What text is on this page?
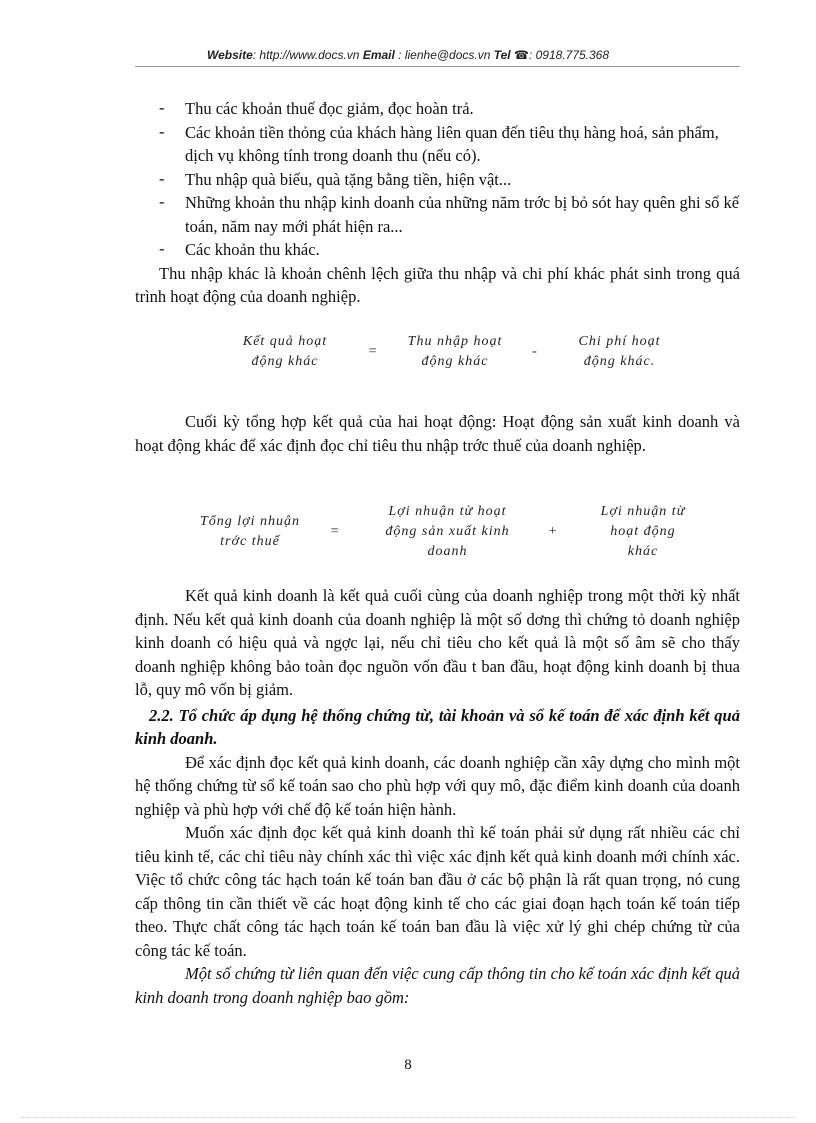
Website: http://www.docs.vn Email : lienhe@docs.vn Tel ☎: 0918.775.368
- Thu các khoản thuế đọc giảm, đọc hoàn trả.
- Các khoản tiền thỏng của khách hàng liên quan đến tiêu thụ hàng hoá, sản phẩm, dịch vụ không tính trong doanh thu (nếu có).
- Thu nhập quà biếu, quà tặng bằng tiền, hiện vật...
- Những khoản thu nhập kinh doanh của những năm trớc bị bỏ sót hay quên ghi sổ kế toán, năm nay mới phát hiện ra...
- Các khoản thu khác.
Thu nhập khác là khoản chênh lệch giữa thu nhập và chi phí khác phát sinh trong quá trình hoạt động của doanh nghiệp.
Kết quả hoạt
động khác
=
Thu nhập hoạt
động khác
-
Chi phí hoạt
động khác.
Cuối kỳ tổng hợp kết quả của hai hoạt động: Hoạt động sản xuất kinh doanh và hoạt động khác để xác định đọc chỉ tiêu thu nhập trớc thuế của doanh nghiệp.
Tổng lợi nhuận
trớc thuế
=
Lợi nhuận từ hoạt
động sản xuất kinh
doanh
+
Lợi nhuận từ
hoạt động
khác
Kết quả kinh doanh là kết quả cuối cùng của doanh nghiệp trong một thời kỳ nhất định. Nếu kết quả kinh doanh của doanh nghiệp là một số dơng thì chứng tỏ doanh nghiệp kinh doanh có hiệu quả và ngợc lại, nếu chỉ tiêu cho kết quả là một số âm sẽ cho thấy doanh nghiệp không bảo toàn đọc nguồn vốn đầu t ban đầu, hoạt động kinh doanh bị thua lỗ, quy mô vốn bị giảm.
2.2. Tổ chức áp dụng hệ thống chứng từ, tài khoản và sổ kế toán để xác định kết quả kinh doanh.
Để xác định đọc kết quả kinh doanh, các doanh nghiệp cần xây dựng cho mình một hệ thống chứng từ sổ kế toán sao cho phù hợp với quy mô, đặc điểm kinh doanh của doanh nghiệp và phù hợp với chế độ kế toán hiện hành.
Muốn xác định đọc kết quả kinh doanh thì kế toán phải sử dụng rất nhiều các chỉ tiêu kinh tế, các chỉ tiêu này chính xác thì việc xác định kết quả kinh doanh mới chính xác. Việc tổ chức công tác hạch toán kế toán ban đầu ở các bộ phận là rất quan trọng, nó cung cấp thông tin cần thiết về các hoạt động kinh tế cho các giai đoạn hạch toán kế toán tiếp theo. Thực chất công tác hạch toán kế toán ban đầu là việc xử lý ghi chép chứng từ của công tác kế toán.
Một số chứng từ liên quan đến việc cung cấp thông tin cho kế toán xác định kết quả kinh doanh trong doanh nghiệp bao gồm:
8
